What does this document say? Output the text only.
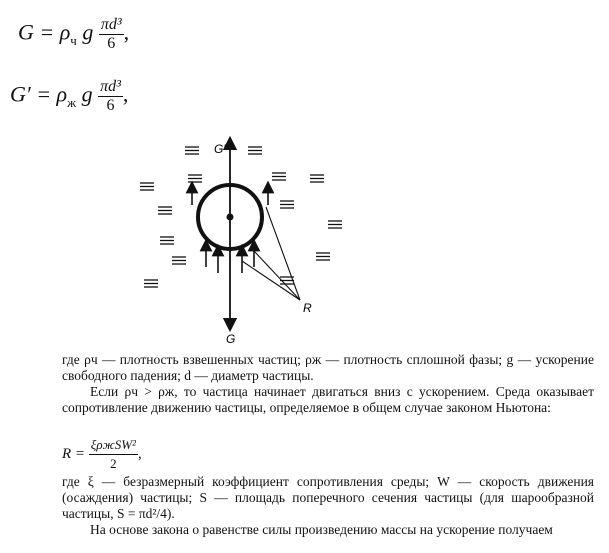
$G = \rho_ч$ g $\frac{\text{πd³}}{6}$ ,
$G' = \rho_ж$ g $\frac{\text{πd³}}{6}$ ,
G′
G
R

где ρч — плотность взвешенных частиц; ρж — плотность сплошной фазы; g — ускорение свободного падения; d — диаметр частицы.

Если ρч > ρж, то частица начинает двигаться вниз с ускорением. Среда оказывает сопротивление движению частицы, определяемое в общем случае законом Ньютона:

$R = \frac{\text{ξρжSW²}}{2}$ ,

где ξ — безразмерный коэффициент сопротивления среды; W — скорость движения (осаждения) частицы; S — площадь поперечного сечения частицы (для шарообразной частицы, S = πd²/4).

На основе закона о равенстве силы произведению массы на ускорение получаем
